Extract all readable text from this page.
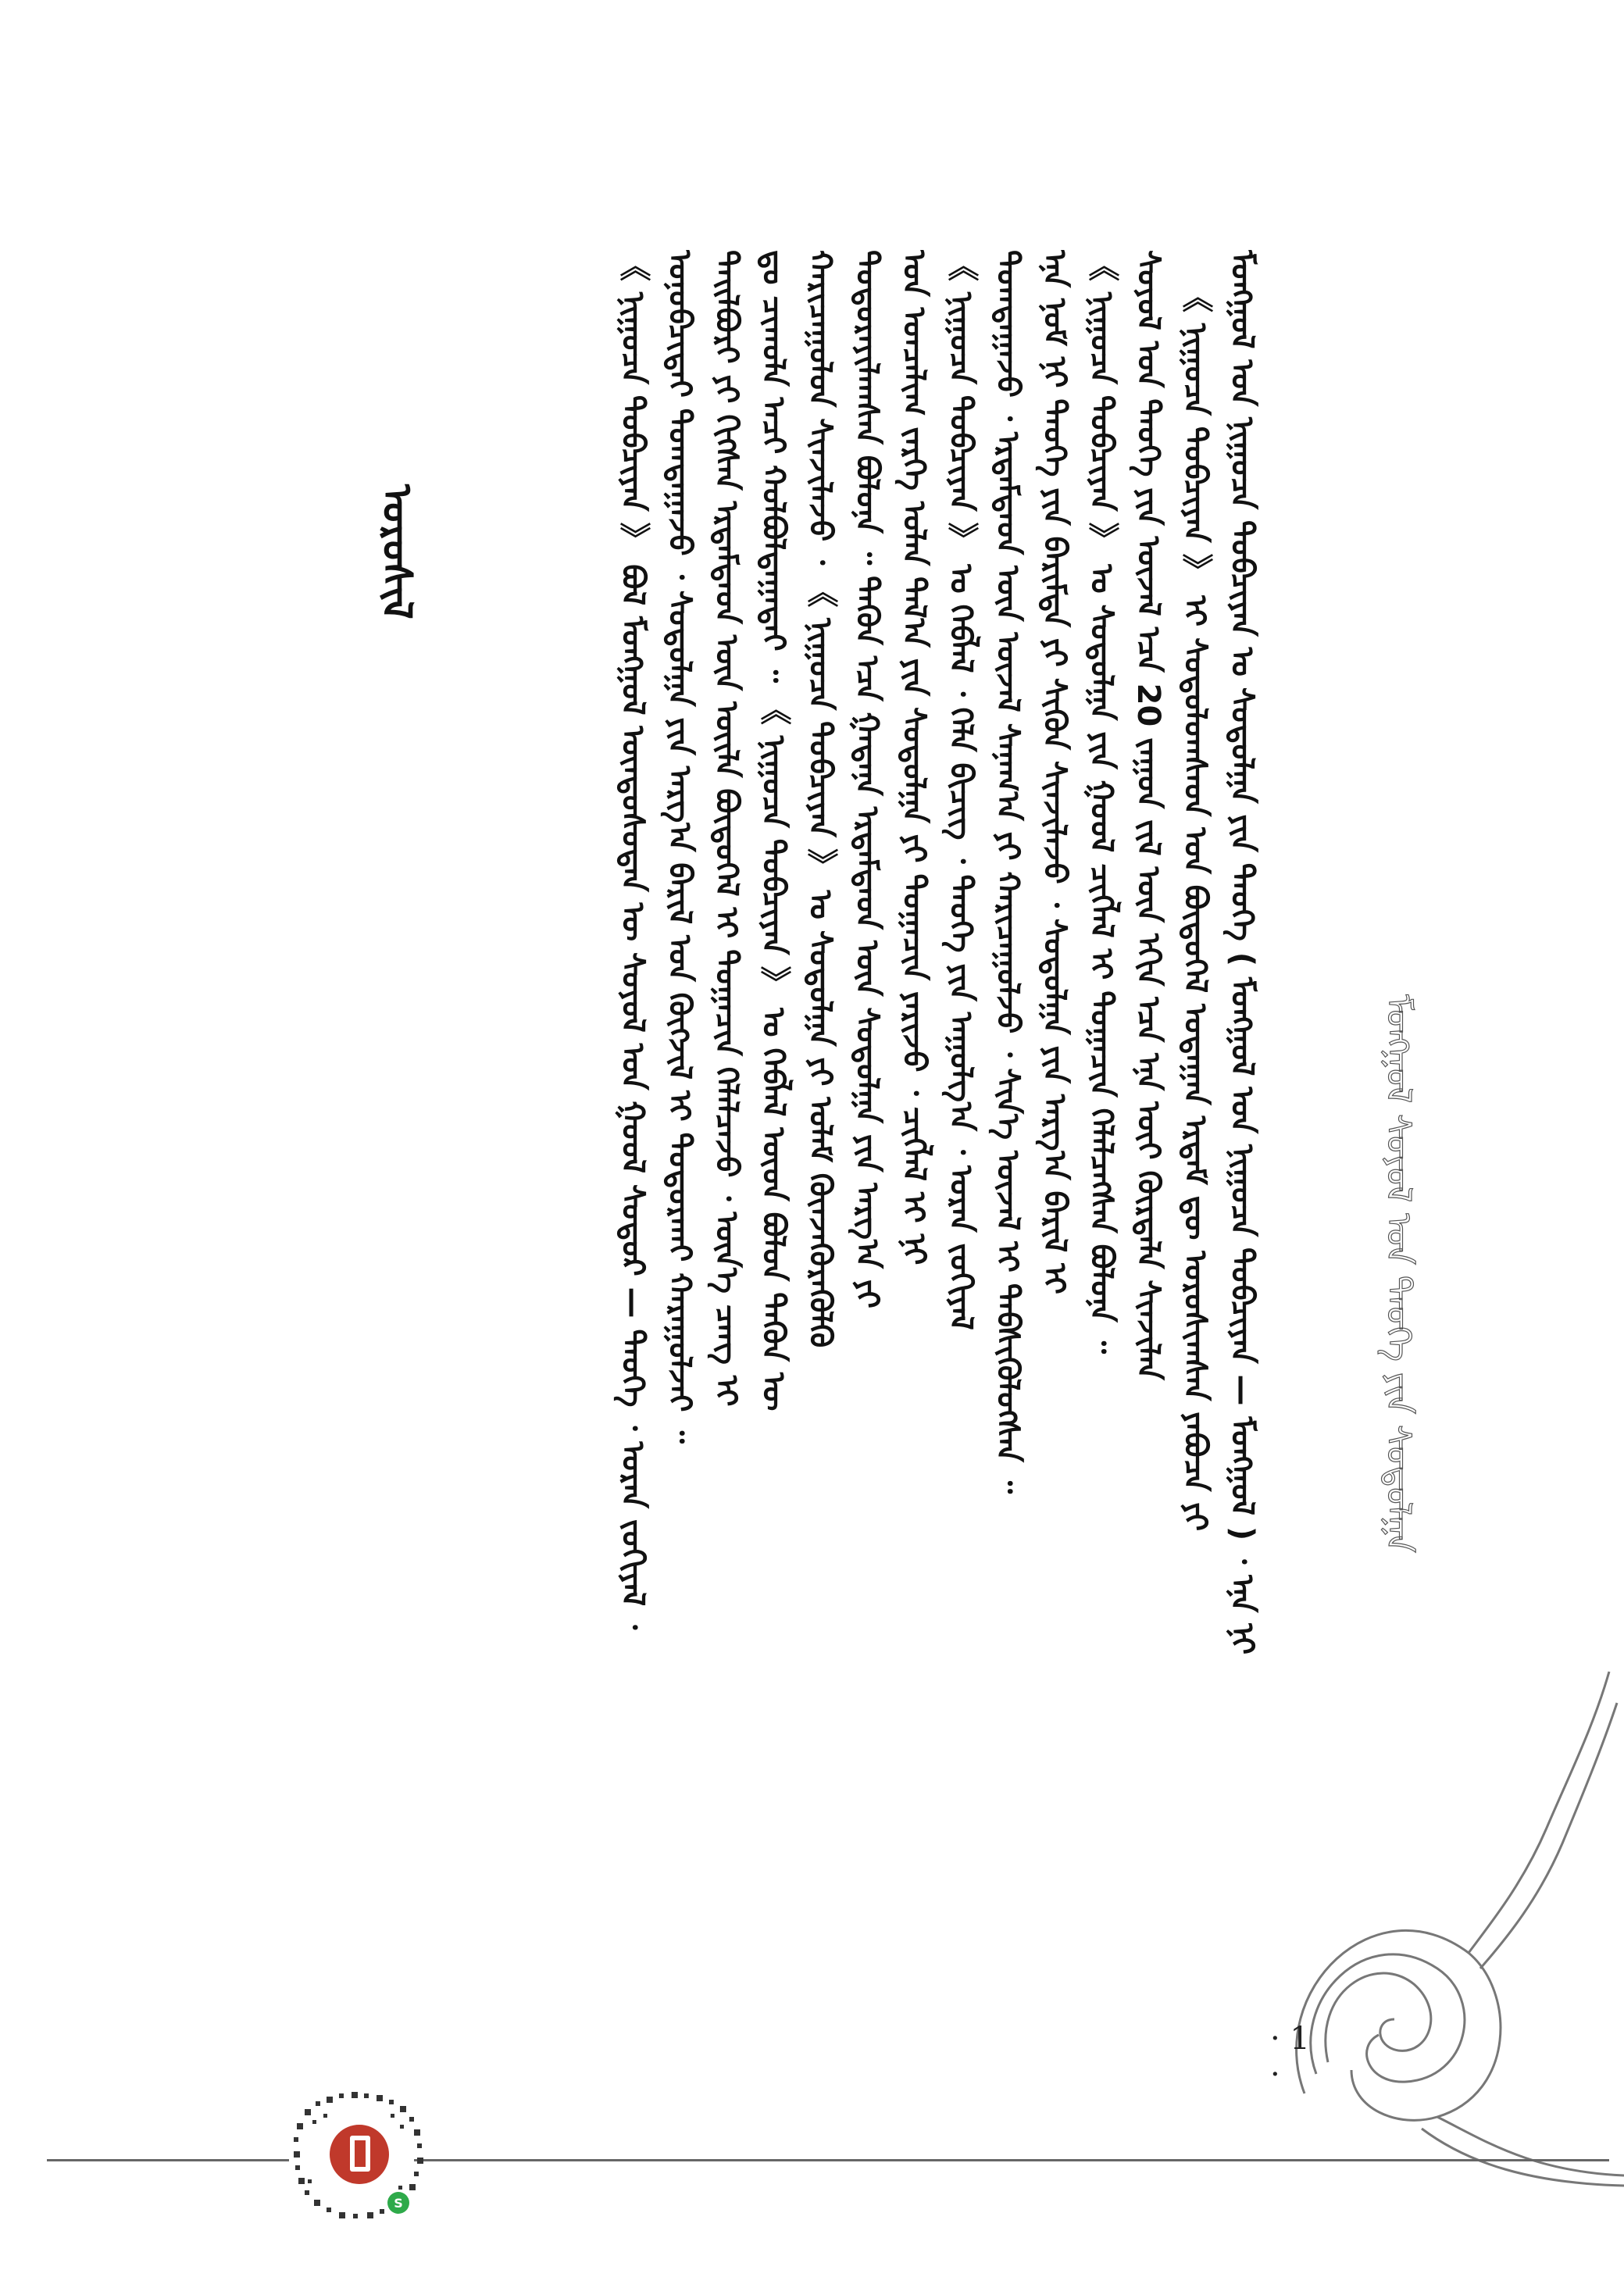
ᠮᠣᠩᠭᠣᠯ ᠰᠣᠶᠣᠯ ᠤᠨ ᠲᠡᠦᠬᠡ ᠶᠢᠨ ᠰᠤᠳᠤᠯᠭᠠ
· 1 ·
ᠮᠣᠩᠭᠣᠯ ᠤᠨ ᠨᠢᠭᠤᠴᠠ ᠲᠣᠪᠴᠢᠶᠠᠨ ᠤ ᠰᠤᠳᠤᠯᠭᠠ ᠶᠢᠨ ᠲᠡᠦᠬᠡ ( ᠮᠣᠩᠭᠣᠯ ᠤᠨ ᠨᠢᠭᠤᠴᠠ ᠲᠣᠪᠴᠢᠶᠠᠨ — ᠮᠣᠩᠭᠣᠯ ) ᠂ ᠡᠨᠡ ᠨᠢ
《 ᠨᠢᠭᠤᠴᠠ ᠲᠣᠪᠴᠢᠶᠠᠨ 》 ᠢ ᠰᠤᠳᠤᠯᠤᠭᠰᠠᠳ ᠤᠨ ᠪᠦᠲᠦᠭᠡᠯ ᠤᠳᠠᠭᠠᠨ ᠡᠷᠳᠡᠮ ᠳᠦ ᠣᠷᠣᠰᠢᠭᠰᠠᠨ ᠶᠠᠪᠤᠴᠠ ᠶᠢ
ᠰᠣᠶᠣᠯ ᠤᠨ ᠲᠡᠦᠬᠡ ᠶᠢᠨ ᠦᠵᠡᠯ ᠡᠴᠡ 20 ᠵᠠᠭᠤᠨ ᠵᠢᠯ ᠦᠨ ᠡᠬᠢᠨ ᠡᠴᠡ ᠡᠨᠡ ᠦᠶ ᠬᠦᠷᠲᠡᠯᠡ ᠰᠢᠨᠵᠢᠯᠡᠨ
《 ᠨᠢᠭᠤᠴᠠ ᠲᠣᠪᠴᠢᠶᠠᠨ 》 ᠤ ᠰᠤᠳᠤᠯᠭᠠ ᠶᠢᠨ ᠭᠣᠣᠯ ᠴᠢᠭᠯᠡᠯ ᠢ ᠲᠣᠭᠠᠴᠢᠨ ᠬᠡᠯᠡᠯᠴᠡᠭᠰᠡᠨ ᠪᠣᠯᠤᠨᠠ ᠃
ᠡᠨᠡ ᠨᠣᠮ ᠨᠢ ᠲᠡᠦᠬᠡ ᠶᠢᠨ ᠪᠠᠷᠢᠮᠲᠠ ᠶᠢ ᠰᠢᠭᠦᠨ ᠰᠢᠨᠵᠢᠯᠡᠵᠦ ᠂ ᠰᠤᠳᠤᠯᠭᠠ ᠶᠢᠨ ᠠᠷᠭ᠎ᠠ ᠪᠠᠷᠢᠯ ᠢ
ᠲᠣᠭᠲᠠᠭᠠᠵᠤ ᠂ ᠡᠷᠳᠡᠮᠲᠡᠳ ᠦᠨ ᠦᠵᠡᠯ ᠰᠠᠨᠠᠭ᠎ᠠ ᠶᠢ ᠬᠠᠷᠢᠴᠠᠭᠤᠯᠵᠤ ᠂ ᠰᠢᠨ᠎ᠡ ᠦᠵᠡᠯ ᠢ ᠳᠡᠪᠰᠢᠭᠦᠯᠦᠭᠰᠡᠨ ᠃
《 ᠨᠢᠭᠤᠴᠠ ᠲᠣᠪᠴᠢᠶᠠᠨ 》 ᠤ ᠬᠡᠪᠯᠡᠯ ᠂ ᠬᠡᠯᠡ ᠪᠢᠴᠢᠭ ᠂ ᠲᠡᠦᠬᠡ ᠶᠢᠨ ᠠᠭᠤᠯᠭ᠎ᠠ ᠂ ᠤᠷᠠᠨ ᠵᠣᠬᠢᠶᠠᠯ
ᠤᠨ ᠣᠨᠴᠠᠯᠢᠭ ᠵᠡᠷᠭᠡ ᠣᠯᠠᠨ ᠲᠠᠯ᠎ᠠ ᠶᠢᠨ ᠰᠤᠳᠤᠯᠭᠠ ᠶᠢ ᠲᠣᠭᠠᠴᠢᠨ ᠶᠠᠷᠢᠵᠤ ᠂ ᠴᠢᠭᠯᠡᠯ ᠢ ᠨᠢ
ᠲᠣᠳᠣᠷᠠᠶᠢᠯᠠᠭᠰᠠᠨ ᠪᠣᠯᠤᠨᠠ ᠃ ᠲᠡᠭᠦᠨ ᠡᠴᠡ ᠭᠠᠳᠠᠨᠠ ᠡᠷᠳᠡᠮᠲᠡᠳ ᠦᠨ ᠰᠤᠳᠤᠯᠭᠠ ᠶᠢᠨ ᠠᠷᠭ᠎ᠠ ᠶᠢ
ᠬᠠᠷᠢᠴᠠᠭᠤᠯᠤᠨ ᠰᠢᠨᠵᠢᠯᠡᠵᠦ ᠂ 《 ᠨᠢᠭᠤᠴᠠ ᠲᠣᠪᠴᠢᠶᠠᠨ 》 ᠤ ᠰᠤᠳᠤᠯᠭᠠ ᠶᠢ ᠤᠯᠠᠮ ᠭᠦᠨᠵᠡᠭᠦᠷᠡᠭᠦᠯᠬᠦ
ᠳᠤ ᠴᠢᠬᠤᠯᠠ ᠠᠴᠢ ᠬᠣᠯᠪᠣᠯᠳᠠᠭᠠᠲᠠᠢ ᠃ 《 ᠨᠢᠭᠤᠴᠠ ᠲᠣᠪᠴᠢᠶᠠᠨ 》 ᠤ ᠬᠡᠪᠯᠡᠯ ᠦᠳ ᠪᠣᠯᠣᠨ ᠲᠡᠭᠦᠨ ᠦ
ᠲᠠᠢᠯᠪᠤᠷᠢ ᠶᠢ ᠬᠢᠭᠰᠡᠨ ᠡᠷᠳᠡᠮᠲᠡᠳ ᠦᠨ ᠦᠢᠯᠡ ᠪᠦᠲᠦᠭᠡᠯ ᠢ ᠲᠣᠭᠠᠴᠢᠨ ᠬᠡᠯᠡᠯᠴᠡᠵᠦ ᠂ ᠦᠨ᠎ᠡ ᠴᠡᠨᠭ ᠢ
ᠣᠨᠣᠪᠴᠢᠲᠠᠢ ᠲᠣᠭᠲᠠᠭᠠᠵᠤ ᠂ ᠰᠤᠳᠤᠯᠭᠠ ᠶᠢᠨ ᠠᠷᠭ᠎ᠠ ᠪᠠᠷᠢᠯ ᠤᠨ ᠬᠥᠭᠵᠢᠯ ᠢ ᠲᠣᠳᠣᠷᠬᠠᠢ ᠬᠠᠷᠠᠭᠤᠯᠵᠠᠢ ᠃
《 ᠨᠢᠭᠤᠴᠠ ᠲᠣᠪᠴᠢᠶᠠᠨ 》 ᠪᠣᠯ ᠮᠣᠩᠭᠣᠯ ᠦᠨᠳᠦᠰᠦᠲᠡᠨ ᠦ ᠰᠣᠶᠣᠯ ᠤᠨ ᠭᠣᠣᠯ ᠰᠤᠳᠤᠷ — ᠲᠡᠦᠬᠡ ᠂ ᠤᠷᠠᠨ ᠵᠣᠬᠢᠶᠠᠯ ᠂
ᠣᠷᠣᠰᠢᠯ
S
